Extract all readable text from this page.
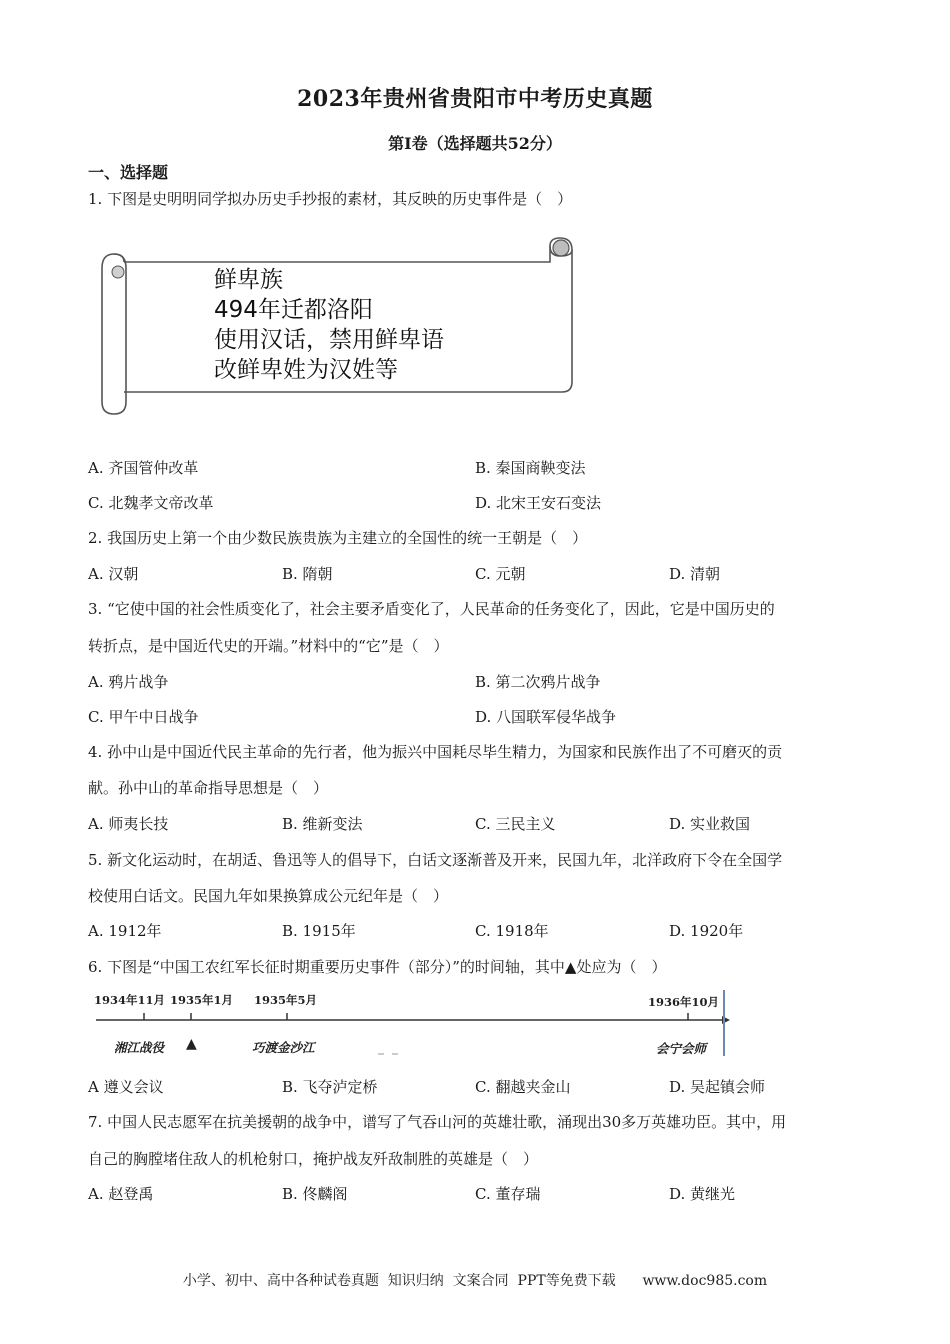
2023年贵州省贵阳市中考历史真题
第Ⅰ卷（选择题共52分）
一、选择题
1. 下图是史明明同学拟办历史手抄报的素材，其反映的历史事件是（　）
鲜卑族
494年迁都洛阳
使用汉话，禁用鲜卑语
改鲜卑姓为汉姓等
A. 齐国管仲改革	B. 秦国商鞅变法
C. 北魏孝文帝改革	D. 北宋王安石变法
2. 我国历史上第一个由少数民族贵族为主建立的全国性的统一王朝是（　）
A. 汉朝	B. 隋朝	C. 元朝	D. 清朝
3. “它使中国的社会性质变化了，社会主要矛盾变化了，人民革命的任务变化了，因此，它是中国历史的
转折点，是中国近代史的开端。”材料中的“它”是（　）
A. 鸦片战争	B. 第二次鸦片战争
C. 甲午中日战争	D. 八国联军侵华战争
4. 孙中山是中国近代民主革命的先行者，他为振兴中国耗尽毕生精力，为国家和民族作出了不可磨灭的贡
献。孙中山的革命指导思想是（　）
A. 师夷长技	B. 维新变法	C. 三民主义	D. 实业救国
5. 新文化运动时，在胡适、鲁迅等人的倡导下，白话文逐渐普及开来，民国九年，北洋政府下令在全国学
校使用白话文。民国九年如果换算成公元纪年是（　）
A. 1912年	B. 1915年	C. 1918年	D. 1920年
6. 下图是“中国工农红军长征时期重要历史事件（部分）”的时间轴，其中▲处应为（　）
1934年11月 1935年1月 1935年5月	1936年10月
湘江战役 ▲	巧渡金沙江	会宁会师
A 遵义会议	B. 飞夺泸定桥	C. 翻越夹金山	D. 吴起镇会师
7. 中国人民志愿军在抗美援朝的战争中，谱写了气吞山河的英雄壮歌，涌现出30多万英雄功臣。其中，用
自己的胸膛堵住敌人的机枪射口，掩护战友歼敌制胜的英雄是（　）
A. 赵登禹	B. 佟麟阁	C. 董存瑞	D. 黄继光
小学、初中、高中各种试卷真题  知识归纳  文案合同  PPT等免费下载      www.doc985.com
